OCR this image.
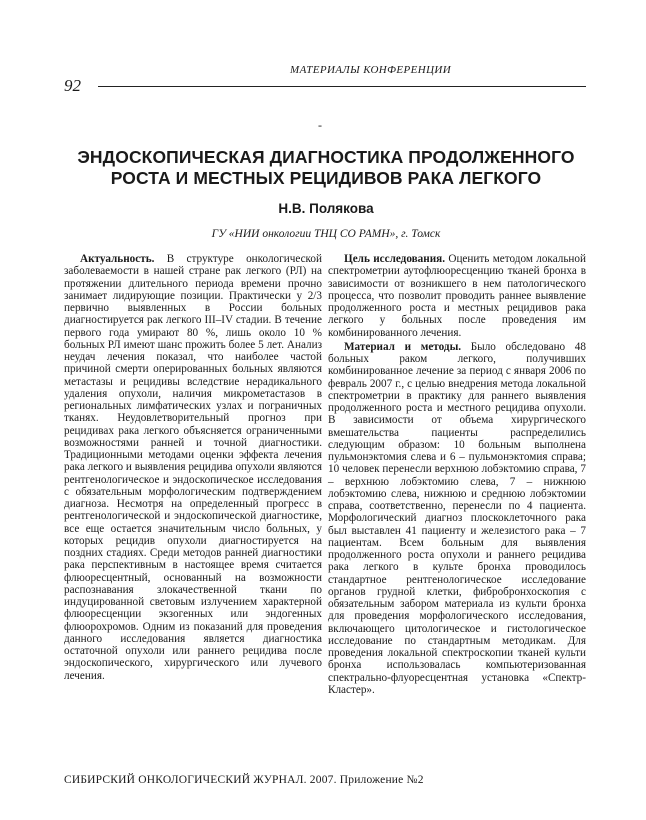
МАТЕРИАЛЫ КОНФЕРЕНЦИИ
92
-
ЭНДОСКОПИЧЕСКАЯ ДИАГНОСТИКА ПРОДОЛЖЕННОГО
РОСТА И МЕСТНЫХ РЕЦИДИВОВ РАКА ЛЕГКОГО
Н.В. Полякова
ГУ «НИИ онкологии ТНЦ СО РАМН», г. Томск

Актуальность. В структуре онкологической заболеваемости в нашей стране рак легкого (РЛ) на протяжении длительного периода времени прочно занимает лидирующие позиции. Практически у 2/3 первично выявленных в России больных диагностируется рак легкого III–IV стадии. В течение первого года умирают 80 %, лишь около 10 % больных РЛ имеют шанс прожить более 5 лет. Анализ неудач лечения показал, что наиболее частой причиной смерти оперированных больных являются метастазы и рецидивы вследствие нерадикального удаления опухоли, наличия микрометастазов в региональных лимфатических узлах и пограничных тканях. Неудовлетворительный прогноз при рецидивах рака легкого объясняется ограниченными возможностями ранней и точной диагностики. Традиционными методами оценки эффекта лечения рака легкого и выявления рецидива опухоли являются рентгенологическое и эндоскопическое исследования с обязательным морфологическим подтверждением диагноза. Несмотря на определенный прогресс в рентгенологической и эндоскопической диагностике, все еще остается значительным число больных, у которых рецидив опухоли диагностируется на поздних стадиях. Среди методов ранней диагностики рака перспективным в настоящее время считается флюоресцентный, основанный на возможности распознавания злокачественной ткани по индуцированной световым излучением характерной флюоресценции экзогенных или эндогенных флюорохромов. Одним из показаний для проведения данного исследования является диагностика остаточной опухоли или раннего рецидива после эндоскопического, хирургического или лучевого лечения.

Цель исследования. Оценить методом локальной спектрометрии аутофлюоресценцию тканей бронха в зависимости от возникшего в нем патологического процесса, что позволит проводить раннее выявление продолженного роста и местных рецидивов рака легкого у больных после проведения им комбинированного лечения.

Материал и методы. Было обследовано 48 больных раком легкого, получивших комбинированное лечение за период с января 2006 по февраль 2007 г., с целью внедрения метода локальной спектрометрии в практику для раннего выявления продолженного роста и местного рецидива опухоли. В зависимости от объема хирургического вмешательства пациенты распределились следующим образом: 10 больным выполнена пульмонэктомия слева и 6 – пульмонэктомия справа; 10 человек перенесли верхнюю лобэктомию справа, 7 – верхнюю лобэктомию слева, 7 – нижнюю лобэктомию слева, нижнюю и среднюю лобэктомии справа, соответственно, перенесли по 4 пациента. Морфологический диагноз плоскоклеточного рака был выставлен 41 пациенту и железистого рака – 7 пациентам. Всем больным для выявления продолженного роста опухоли и раннего рецидива рака легкого в культе бронха проводилось стандартное рентгенологическое исследование органов грудной клетки, фибробронхоскопия с обязательным забором материала из культи бронха для проведения морфологического исследования, включающего цитологическое и гистологическое исследование по стандартным методикам. Для проведения локальной спектроскопии тканей культи бронха использовалась компьютеризованная спектрально-флуоресцентная установка «Спектр-Кластер».

СИБИРСКИЙ ОНКОЛОГИЧЕСКИЙ ЖУРНАЛ. 2007. Приложение №2
